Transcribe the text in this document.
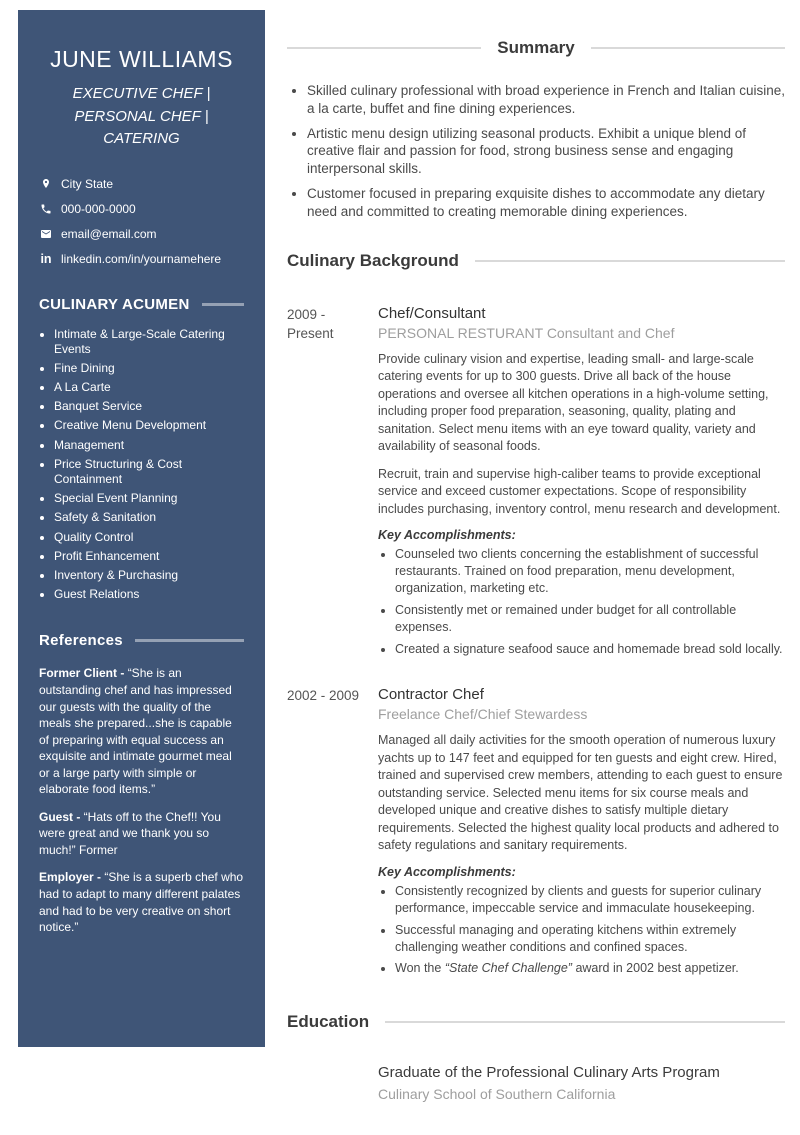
JUNE WILLIAMS
EXECUTIVE CHEF | PERSONAL CHEF | CATERING
City State
000-000-0000
email@email.com
in linkedin.com/in/yournamehere
CULINARY ACUMEN
• Intimate & Large-Scale Catering Events
• Fine Dining
• A La Carte
• Banquet Service
• Creative Menu Development
• Management
• Price Structuring & Cost Containment
• Special Event Planning
• Safety & Sanitation
• Quality Control
• Profit Enhancement
• Inventory & Purchasing
• Guest Relations
References

Former Client - “She is an outstanding chef and has impressed our guests with the quality of the meals she prepared...she is capable of preparing with equal success an exquisite and intimate gourmet meal or a large party with simple or elaborate food items.”

Guest - “Hats off to the Chef!! You were great and we thank you so much!” Former

Employer - “She is a superb chef who had to adapt to many different palates and had to be very creative on short notice.”

Summary
• Skilled culinary professional with broad experience in French and Italian cuisine, a la carte, buffet and fine dining experiences.
• Artistic menu design utilizing seasonal products. Exhibit a unique blend of creative flair and passion for food, strong business sense and engaging interpersonal skills.
• Customer focused in preparing exquisite dishes to accommodate any dietary need and committed to creating memorable dining experiences.
Culinary Background
2009 - Present
Chef/Consultant
PERSONAL RESTURANT Consultant and Chef

Provide culinary vision and expertise, leading small- and large-scale catering events for up to 300 guests. Drive all back of the house operations and oversee all kitchen operations in a high-volume setting, including proper food preparation, seasoning, quality, plating and sanitation. Select menu items with an eye toward quality, variety and availability of seasonal foods.

Recruit, train and supervise high-caliber teams to provide exceptional service and exceed customer expectations. Scope of responsibility includes purchasing, inventory control, menu research and development.

Key Accomplishments:
• Counseled two clients concerning the establishment of successful restaurants. Trained on food preparation, menu development, organization, marketing etc.
• Consistently met or remained under budget for all controllable expenses.
• Created a signature seafood sauce and homemade bread sold locally.
2002 - 2009	Contractor Chef
Freelance Chef/Chief Stewardess

Managed all daily activities for the smooth operation of numerous luxury yachts up to 147 feet and equipped for ten guests and eight crew. Hired, trained and supervised crew members, attending to each guest to ensure outstanding service. Selected menu items for six course meals and developed unique and creative dishes to satisfy multiple dietary requirements. Selected the highest quality local products and adhered to safety regulations and sanitary requirements.

Key Accomplishments:
• Consistently recognized by clients and guests for superior culinary performance, impeccable service and immaculate housekeeping.
• Successful managing and operating kitchens within extremely challenging weather conditions and confined spaces.
• Won the “State Chef Challenge” award in 2002 best appetizer.
Education
Graduate of the Professional Culinary Arts Program
Culinary School of Southern California
